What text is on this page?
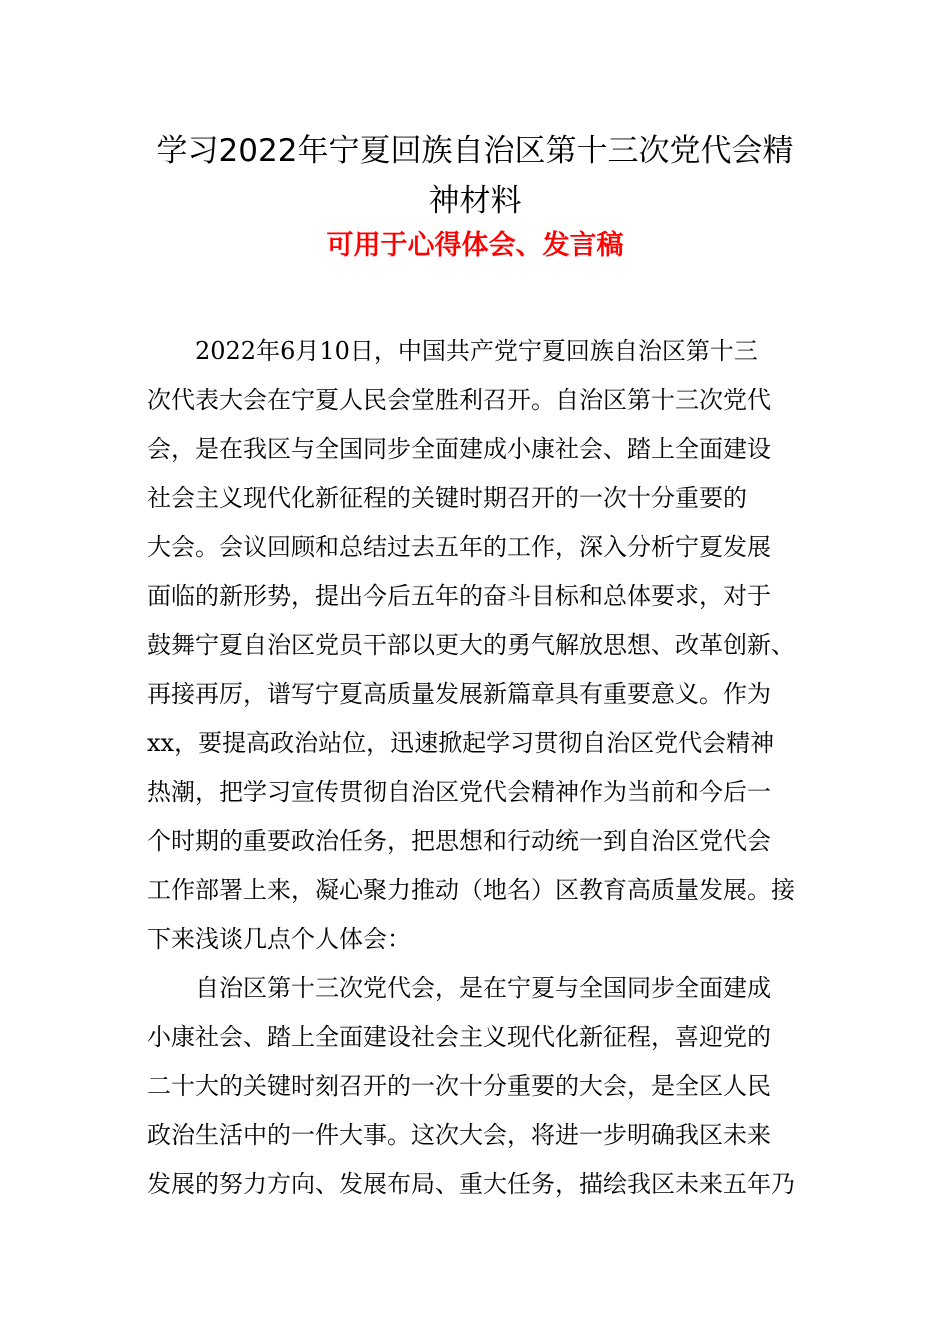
学习2022年宁夏回族自治区第十三次党代会精
神材料
可用于心得体会、发言稿

　　2022年6月10日，中国共产党宁夏回族自治区第十三

次代表大会在宁夏人民会堂胜利召开。自治区第十三次党代

会，是在我区与全国同步全面建成小康社会、踏上全面建设

社会主义现代化新征程的关键时期召开的一次十分重要的

大会。会议回顾和总结过去五年的工作，深入分析宁夏发展

面临的新形势，提出今后五年的奋斗目标和总体要求，对于

鼓舞宁夏自治区党员干部以更大的勇气解放思想、改革创新、

再接再厉，谱写宁夏高质量发展新篇章具有重要意义。作为

xx，要提高政治站位，迅速掀起学习贯彻自治区党代会精神

热潮，把学习宣传贯彻自治区党代会精神作为当前和今后一

个时期的重要政治任务，把思想和行动统一到自治区党代会

工作部署上来，凝心聚力推动（地名）区教育高质量发展。接

下来浅谈几点个人体会：

　　自治区第十三次党代会，是在宁夏与全国同步全面建成

小康社会、踏上全面建设社会主义现代化新征程，喜迎党的

二十大的关键时刻召开的一次十分重要的大会，是全区人民

政治生活中的一件大事。这次大会，将进一步明确我区未来

发展的努力方向、发展布局、重大任务，描绘我区未来五年乃
